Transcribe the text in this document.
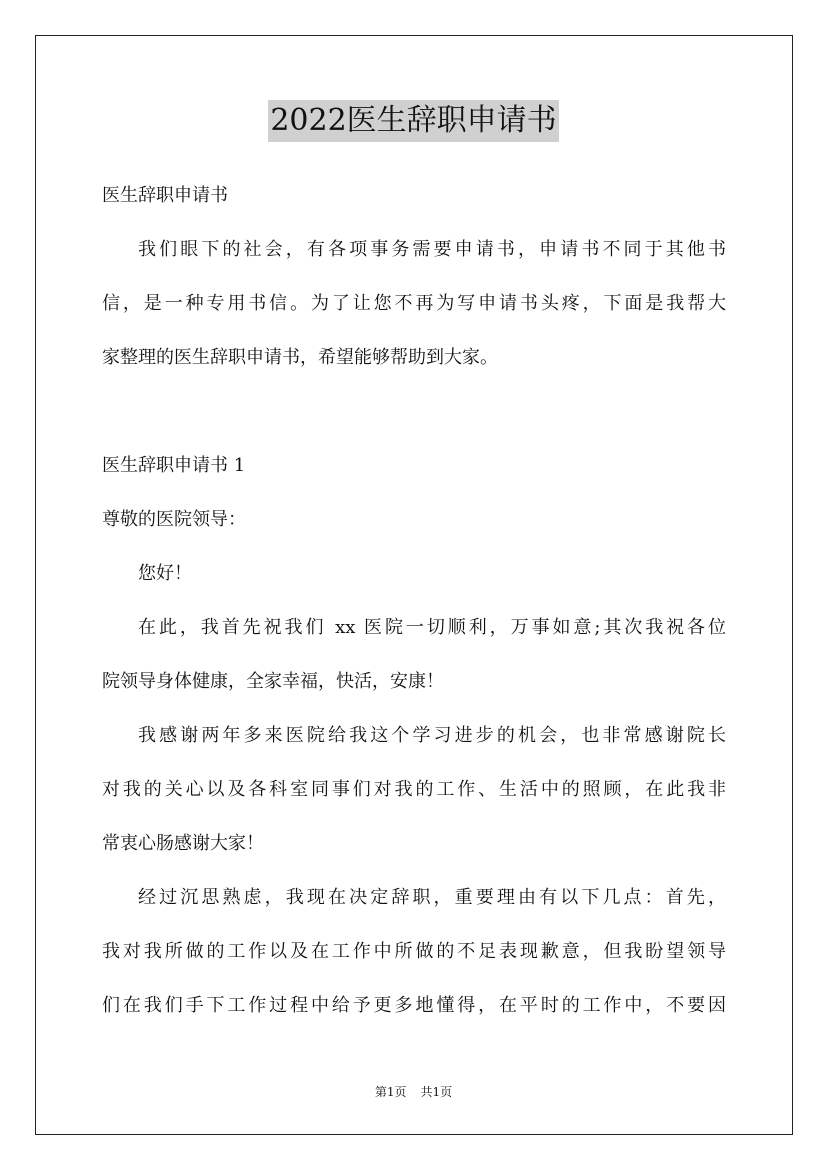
2022医生辞职申请书
医生辞职申请书
我们眼下的社会，有各项事务需要申请书，申请书不同于其他书
信，是一种专用书信。为了让您不再为写申请书头疼，下面是我帮大
家整理的医生辞职申请书，希望能够帮助到大家。
医生辞职申请书 1
尊敬的医院领导：
您好！
在此，我首先祝我们 xx 医院一切顺利，万事如意;其次我祝各位
院领导身体健康，全家幸福，快活，安康！
我感谢两年多来医院给我这个学习进步的机会，也非常感谢院长
对我的关心以及各科室同事们对我的工作、生活中的照顾，在此我非
常衷心肠感谢大家！
经过沉思熟虑，我现在决定辞职，重要理由有以下几点：首先，
我对我所做的工作以及在工作中所做的不足表现歉意，但我盼望领导
们在我们手下工作过程中给予更多地懂得，在平时的工作中，不要因
第1页 共1页
